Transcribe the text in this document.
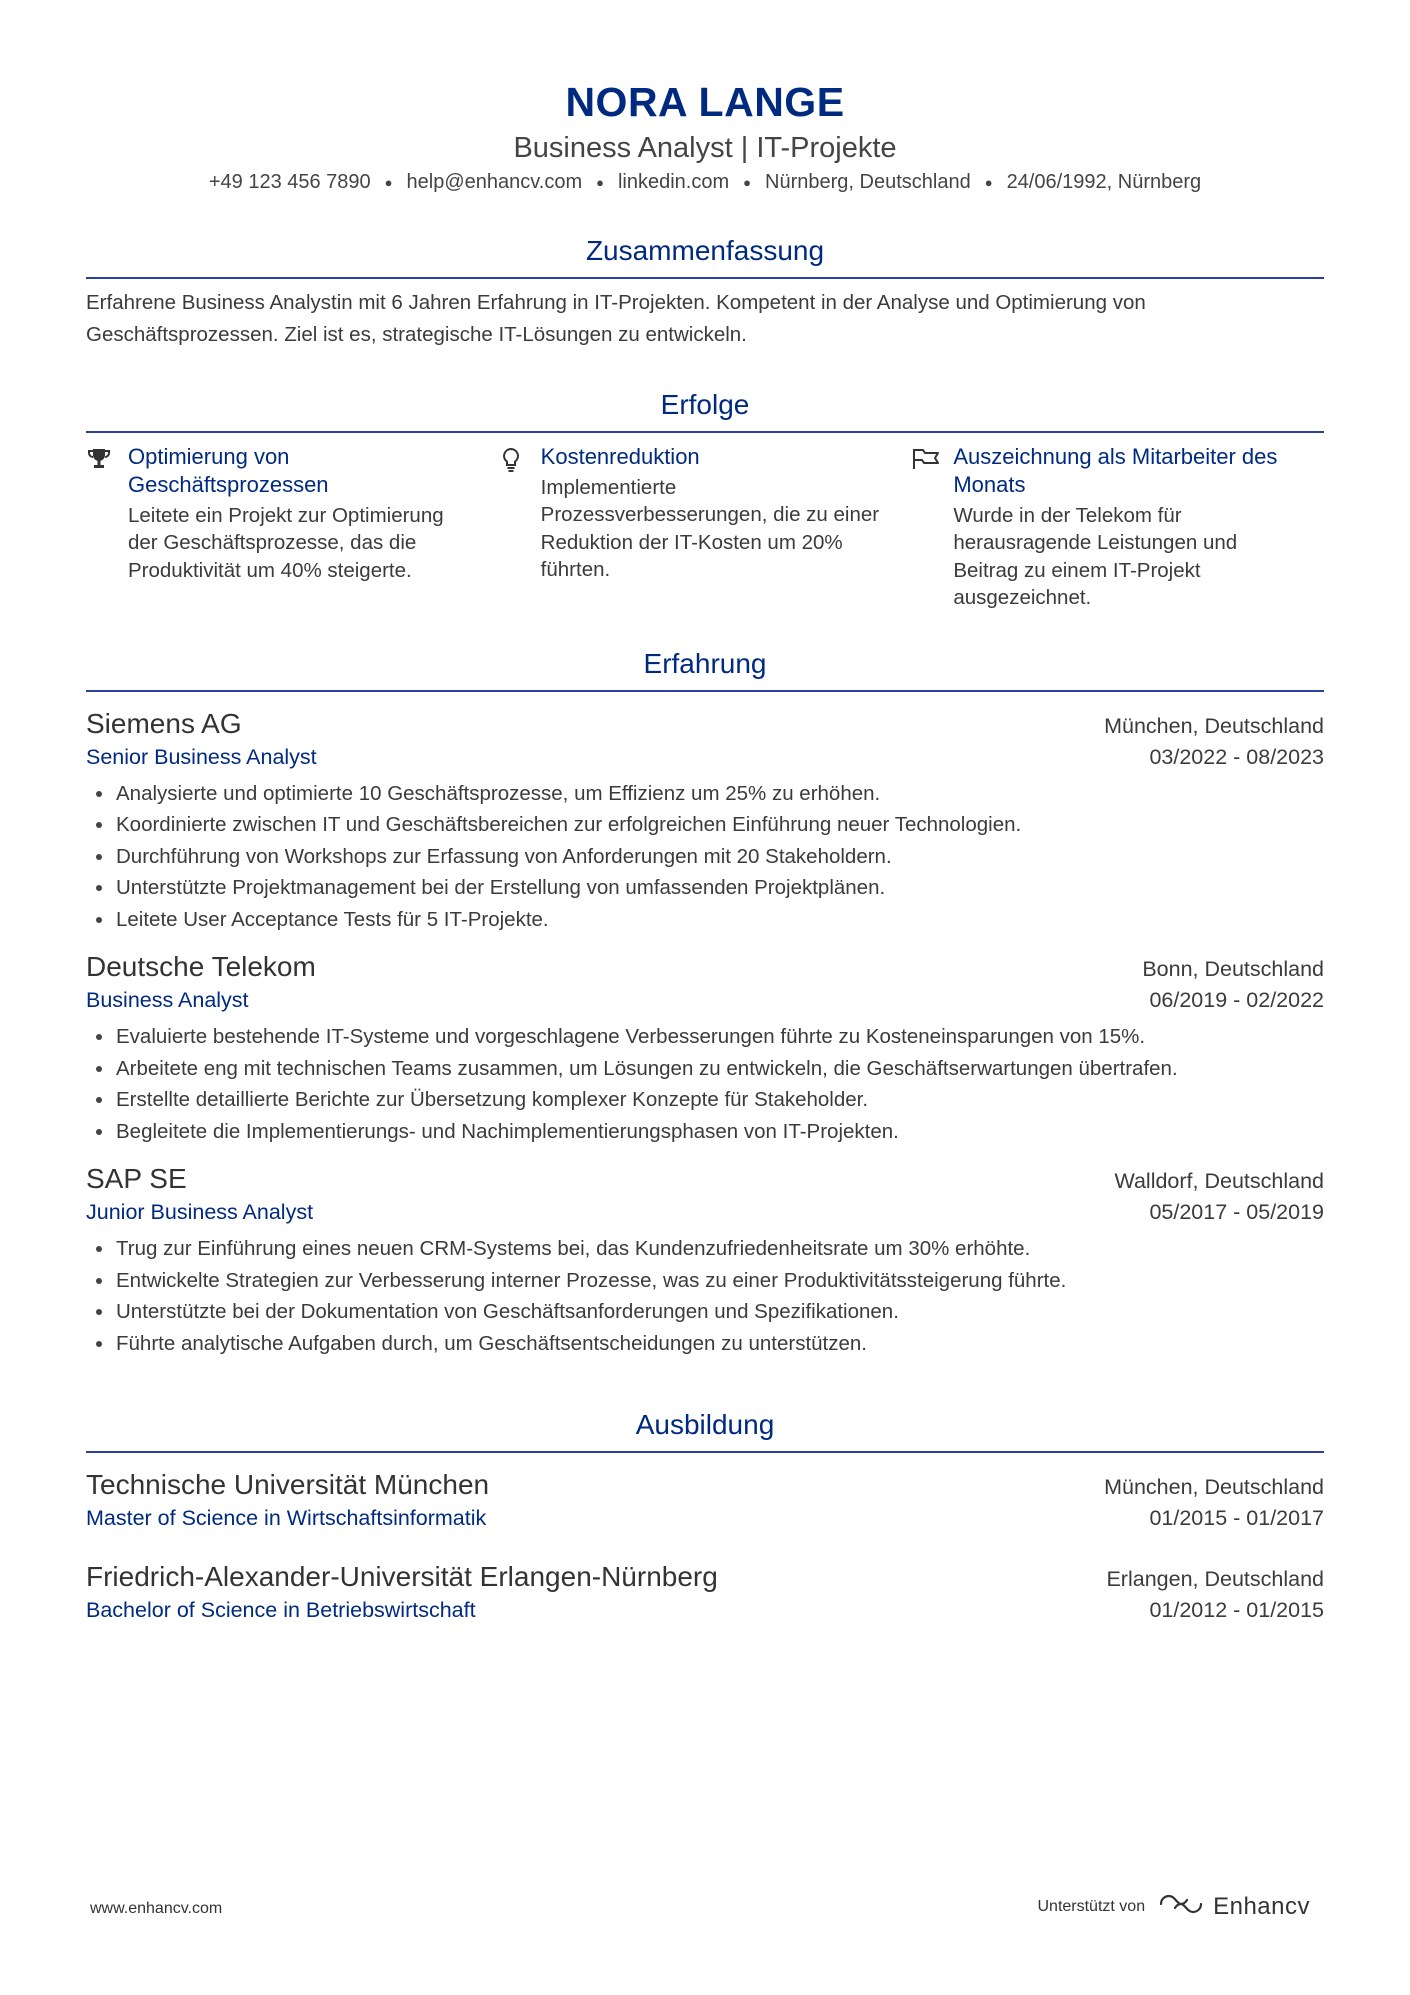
NORA LANGE
Business Analyst | IT-Projekte
+49 123 456 7890 ● help@enhancv.com ● linkedin.com ● Nürnberg, Deutschland ● 24/06/1992, Nürnberg
Zusammenfassung
Erfahrene Business Analystin mit 6 Jahren Erfahrung in IT-Projekten. Kompetent in der Analyse und Optimierung von Geschäftsprozessen. Ziel ist es, strategische IT-Lösungen zu entwickeln.
Erfolge
Optimierung von Geschäftsprozessen
Leitete ein Projekt zur Optimierung der Geschäftsprozesse, das die Produktivität um 40% steigerte.
Kostenreduktion
Implementierte Prozessverbesserungen, die zu einer Reduktion der IT-Kosten um 20% führten.
Auszeichnung als Mitarbeiter des Monats
Wurde in der Telekom für herausragende Leistungen und Beitrag zu einem IT-Projekt ausgezeichnet.
Erfahrung
Siemens AG	München, Deutschland
Senior Business Analyst	03/2022 - 08/2023
Analysierte und optimierte 10 Geschäftsprozesse, um Effizienz um 25% zu erhöhen.
Koordinierte zwischen IT und Geschäftsbereichen zur erfolgreichen Einführung neuer Technologien.
Durchführung von Workshops zur Erfassung von Anforderungen mit 20 Stakeholdern.
Unterstützte Projektmanagement bei der Erstellung von umfassenden Projektplänen.
Leitete User Acceptance Tests für 5 IT-Projekte.
Deutsche Telekom	Bonn, Deutschland
Business Analyst	06/2019 - 02/2022
Evaluierte bestehende IT-Systeme und vorgeschlagene Verbesserungen führte zu Kosteneinsparungen von 15%.
Arbeitete eng mit technischen Teams zusammen, um Lösungen zu entwickeln, die Geschäftserwartungen übertrafen.
Erstellte detaillierte Berichte zur Übersetzung komplexer Konzepte für Stakeholder.
Begleitete die Implementierungs- und Nachimplementierungsphasen von IT-Projekten.
SAP SE	Walldorf, Deutschland
Junior Business Analyst	05/2017 - 05/2019
Trug zur Einführung eines neuen CRM-Systems bei, das Kundenzufriedenheitsrate um 30% erhöhte.
Entwickelte Strategien zur Verbesserung interner Prozesse, was zu einer Produktivitätssteigerung führte.
Unterstützte bei der Dokumentation von Geschäftsanforderungen und Spezifikationen.
Führte analytische Aufgaben durch, um Geschäftsentscheidungen zu unterstützen.
Ausbildung
Technische Universität München	München, Deutschland
Master of Science in Wirtschaftsinformatik	01/2015 - 01/2017
Friedrich-Alexander-Universität Erlangen-Nürnberg	Erlangen, Deutschland
Bachelor of Science in Betriebswirtschaft	01/2012 - 01/2015
www.enhancv.com	Unterstützt von	Enhancv
